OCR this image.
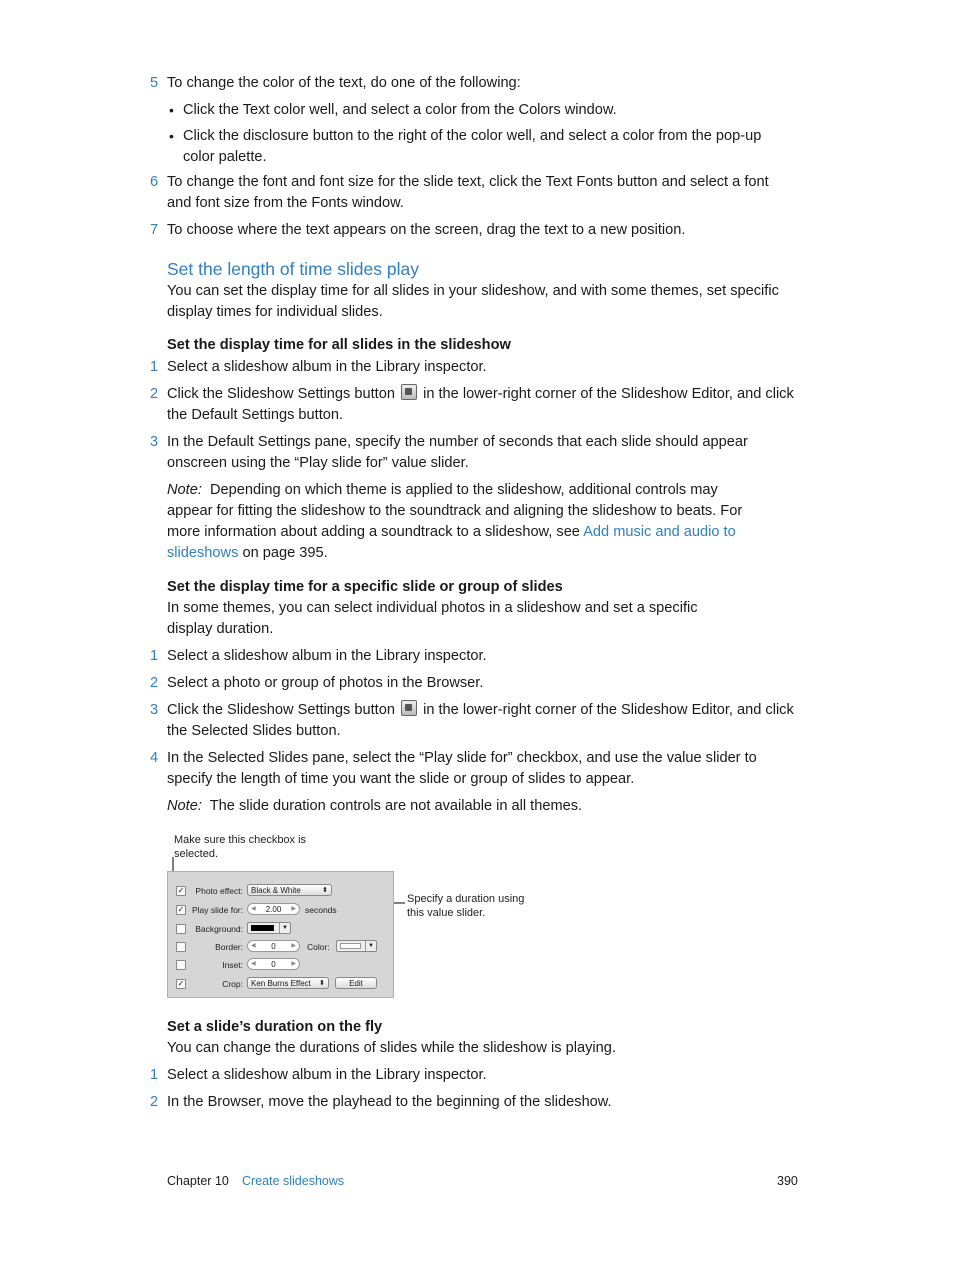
5 To change the color of the text, do one of the following:
• Click the Text color well, and select a color from the Colors window.
• Click the disclosure button to the right of the color well, and select a color from the pop-up color palette.
6 To change the font and font size for the slide text, click the Text Fonts button and select a font and font size from the Fonts window.
7 To choose where the text appears on the screen, drag the text to a new position.
Set the length of time slides play
You can set the display time for all slides in your slideshow, and with some themes, set specific display times for individual slides.
Set the display time for all slides in the slideshow
1 Select a slideshow album in the Library inspector.
2 Click the Slideshow Settings button in the lower-right corner of the Slideshow Editor, and click the Default Settings button.
3 In the Default Settings pane, specify the number of seconds that each slide should appear onscreen using the “Play slide for” value slider.
Note: Depending on which theme is applied to the slideshow, additional controls may appear for fitting the slideshow to the soundtrack and aligning the slideshow to beats. For more information about adding a soundtrack to a slideshow, see Add music and audio to slideshows on page 395.
Set the display time for a specific slide or group of slides
In some themes, you can select individual photos in a slideshow and set a specific display duration.
1 Select a slideshow album in the Library inspector.
2 Select a photo or group of photos in the Browser.
3 Click the Slideshow Settings button in the lower-right corner of the Slideshow Editor, and click the Selected Slides button.
4 In the Selected Slides pane, select the “Play slide for” checkbox, and use the value slider to specify the length of time you want the slide or group of slides to appear.
Note: The slide duration controls are not available in all themes.
Make sure this checkbox is selected.
Specify a duration using this value slider.
✓ Photo effect:	Black & White	⬍
✓ Play slide for: ◀ 2.00 ▶ seconds
Background:	▼
Border: ◀ 0	▶ Color:	▼
Inset: ◀ 0	▶
✓	Crop:	Ken Burns Effect ⬍	Edit
Set a slide’s duration on the fly
You can change the durations of slides while the slideshow is playing.
1 Select a slideshow album in the Library inspector.
2 In the Browser, move the playhead to the beginning of the slideshow.
Chapter 10 Create slideshows	390
